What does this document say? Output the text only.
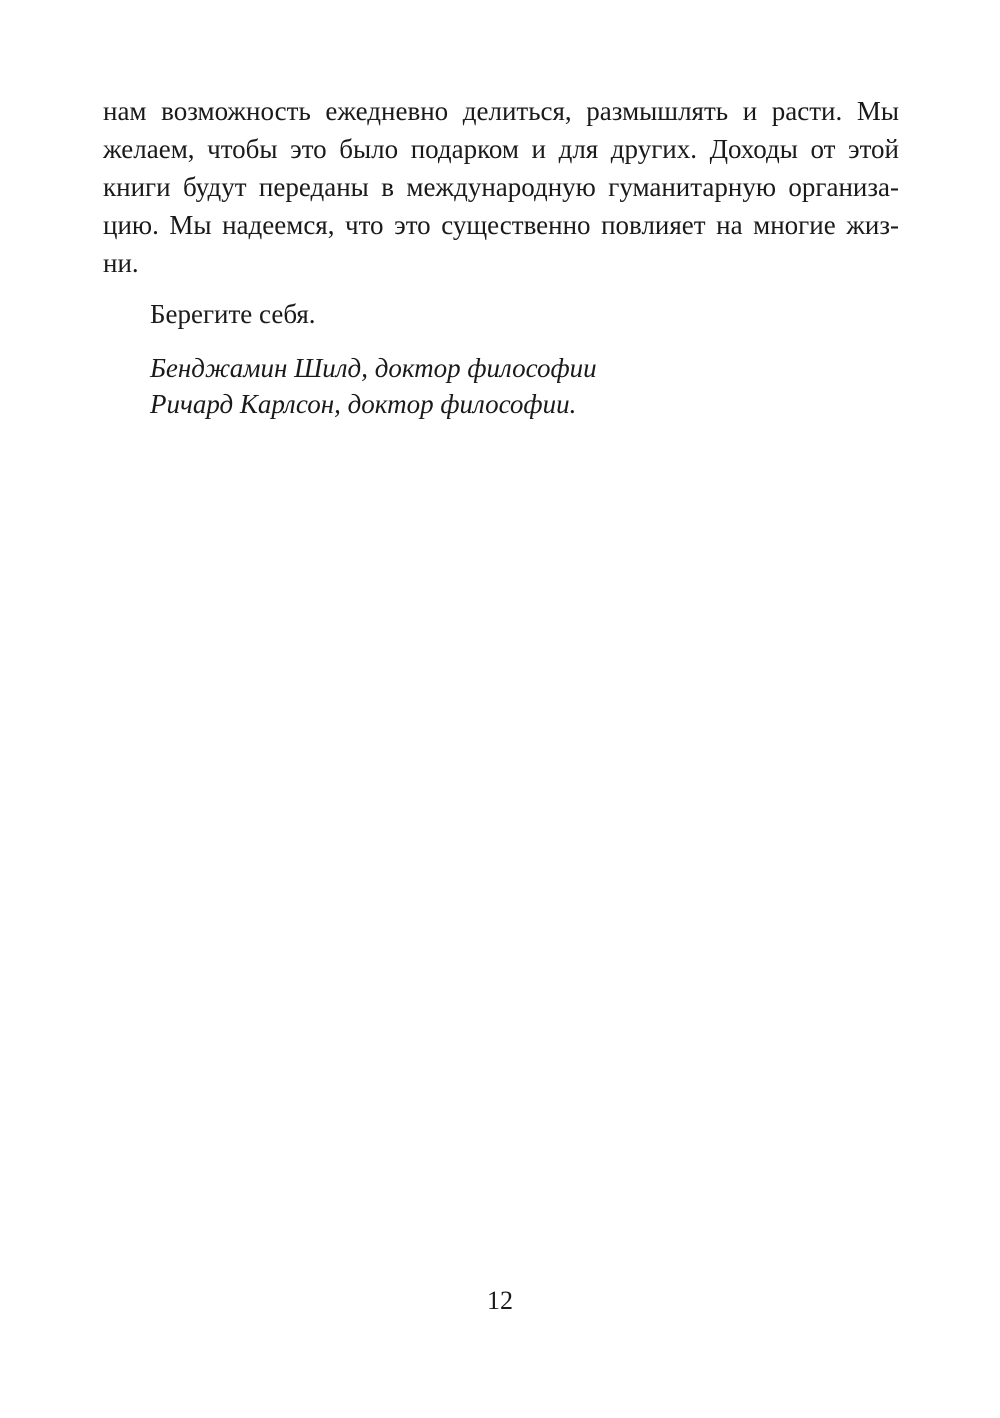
нам возможность ежедневно делиться, размышлять и расти. Мы
желаем, чтобы это было подарком и для других. Доходы от этой
книги будут переданы в международную гуманитарную организа-
цию. Мы надеемся, что это существенно повлияет на многие жиз-
ни.
Берегите себя.
Бенджамин Шилд, доктор философии
Ричард Карлсон, доктор философии.
12
